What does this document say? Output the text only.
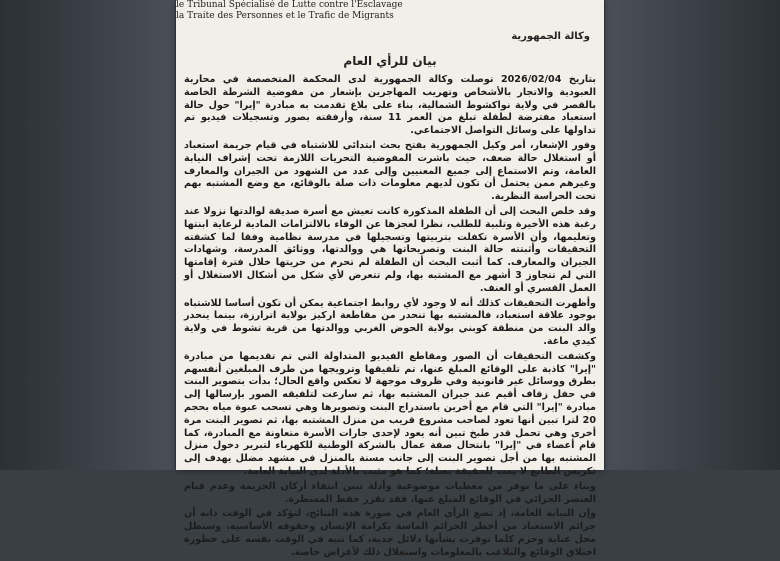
le Tribunal Spécialisé de Lutte contre l'Esclavage
la Traite des Personnes et le Trafic de Migrants
وكالة الجمهورية
بيان للرأي العام

بتاريخ 2026/02/04 توصلت وكالة الجمهورية لدى المحكمة المتخصصة في محاربة العبودية والاتجار بالأشخاص وتهريب المهاجرين بإشعار من مفوضية الشرطة الخاصة بالقصر في ولاية نواكشوط الشمالية، بناء على بلاغ تقدمت به مبادرة "إيرا" حول حالة استعباد مفترضة لطفلة تبلغ من العمر 11 سنة، وأرفقته بصور وتسجيلات فيديو تم تداولها على وسائل التواصل الاجتماعي.

وفور الإشعار، أمر وكيل الجمهورية بفتح بحث ابتدائي للاشتباه في قيام جريمة استعباد أو استغلال حالة ضعف، حيث باشرت المفوضية التحريات اللازمة تحت إشراف النيابة العامة، وتم الاستماع إلى جميع المعنيين وإلى عدد من الشهود من الجيران والمعارف وغيرهم ممن يحتمل أن تكون لديهم معلومات ذات صلة بالوقائع، مع وضع المشتبه بهم تحت الحراسة النظرية.

وقد خلص البحث إلى أن الطفلة المذكورة كانت تعيش مع أسرة صديقة لوالدتها نزولا عند رغبة هذه الأخيرة وتلبية للطلب، نظرا لعجزها عن الوفاء بالالتزامات المادية لرعاية ابنتها وتعليمها، وأن الأسرة تكفلت بتربيتها وتسجيلها في مدرسة نظامية وفقا لما كشفته التحقيقات وأثبتته حالة البنت وتصريحاتها هي ووالدتها، ووثائق المدرسة، وشهادات الجيران والمعارف. كما أثبت البحث أن الطفلة لم تحرم من حريتها خلال فترة إقامتها التي لم تتجاوز 3 أشهر مع المشتبه بها، ولم تتعرض لأي شكل من أشكال الاستغلال أو العمل القسري أو العنف.

وأظهرت التحقيقات كذلك أنه لا وجود لأي روابط اجتماعية يمكن أن تكون أساسا للاشتباه بوجود علاقة استعباد، فالمشتبه بها تنحدر من مقاطعة اركيز بولاية اترارزة، بينما ينحدر والد البنت من منطقة كوبني بولاية الحوض الغربي ووالدتها من قرية تشوط في ولاية كيدي ماغة.

وكشفت التحقيقات أن الصور ومقاطع الفيديو المتداولة التي تم تقديمها من مبادرة "إيرا" كاذبة على الوقائع المبلغ عنها، تم تلفيقها وترويجها من طرف المبلغين أنفسهم بطرق ووسائل غير قانونية وفي ظروف موجهة لا تعكس واقع الحال؛ بدأت بتصوير البنت في حفل زفاف أقيم عند جيران المشتبه بها، ثم سارعت لتلفيقه الصور بإرسالها إلى مبادرة "إيرا" التي قام مع أخرين باستدراج البنت وتصويرها وهي تسحب عبوة مياه بحجم 20 لترا تبين أنها تعود لصاحب مشروع قريب من منزل المشتبه بها، ثم تصوير البنت مرة أخرى وهي تحمل قدر طبخ تبين أنه يعود لإحدى جارات الأسرة متعاونة مع المبادرة، كما قام أعضاء في "إيرا" بانتحال صفة عمال بالشركة الوطنية للكهرباء لتبرير دخول منزل المشتبه بها من أجل تصوير البنت إلى جانب مسنة بالمنزل في مشهد مضلل يهدف إلى تكريس الطابع لا يمت للحقيقة بصلة؛ كما هو مثبت بالأدلة لدى النيابة العامة.

وبناء على ما توفر من معطيات موضوعية وأدلة تبين انتفاء أركان الجريمة وعدم قيام العنصر الجزائي في الوقائع المبلغ عنها، فقد تقرر حفظ المسطرة.

وإن النيابة العامة، إذ تضع الرأي العام في صورة هذه النتائج، لتؤكد في الوقت ذاته أن جرائم الاستعباد من أخطر الجرائم الماسة بكرامة الإنسان وحقوقه الأساسية، وستظل محل عناية وحزم كلما توفرت بشأنها دلائل جدية، كما تنبه في الوقت نفسه على خطورة اختلاق الوقائع والتلاعب بالمعلومات واستغلال ذلك لأغراض خاصة.
